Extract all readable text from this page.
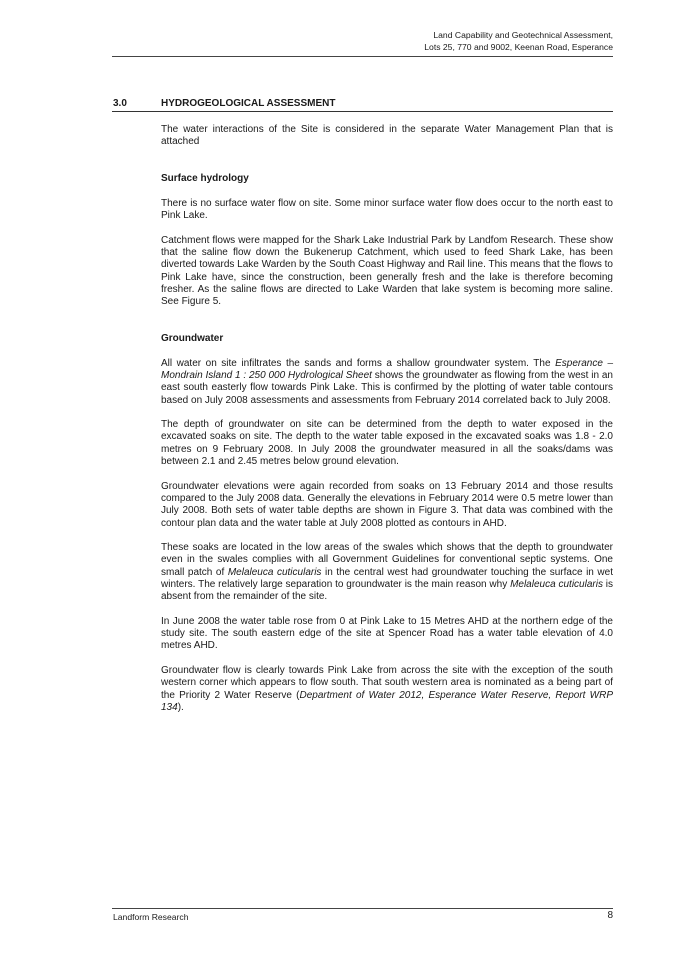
Land Capability and Geotechnical Assessment,
Lots 25, 770 and 9002, Keenan Road, Esperance
3.0	HYDROGEOLOGICAL ASSESSMENT

The water interactions of the Site is considered in the separate Water Management Plan that is attached

Surface hydrology

There is no surface water flow on site. Some minor surface water flow does occur to the north east to Pink Lake.

Catchment flows were mapped for the Shark Lake Industrial Park by Landfom Research. These show that the saline flow down the Bukenerup Catchment, which used to feed Shark Lake, has been diverted towards Lake Warden by the South Coast Highway and Rail line. This means that the flows to Pink Lake have, since the construction, been generally fresh and the lake is therefore becoming fresher. As the saline flows are directed to Lake Warden that lake system is becoming more saline. See Figure 5.

Groundwater

All water on site infiltrates the sands and forms a shallow groundwater system. The Esperance – Mondrain Island 1 : 250 000 Hydrological Sheet shows the groundwater as flowing from the west in an east south easterly flow towards Pink Lake. This is confirmed by the plotting of water table contours based on July 2008 assessments and assessments from February 2014 correlated back to July 2008.

The depth of groundwater on site can be determined from the depth to water exposed in the excavated soaks on site. The depth to the water table exposed in the excavated soaks was 1.8 - 2.0 metres on 9 February 2008. In July 2008 the groundwater measured in all the soaks/dams was between 2.1 and 2.45 metres below ground elevation.

Groundwater elevations were again recorded from soaks on 13 February 2014 and those results compared to the July 2008 data. Generally the elevations in February 2014 were 0.5 metre lower than July 2008. Both sets of water table depths are shown in Figure 3. That data was combined with the contour plan data and the water table at July 2008 plotted as contours in AHD.

These soaks are located in the low areas of the swales which shows that the depth to groundwater even in the swales complies with all Government Guidelines for conventional septic systems. One small patch of Melaleuca cuticularis in the central west had groundwater touching the surface in wet winters. The relatively large separation to groundwater is the main reason why Melaleuca cuticularis is absent from the remainder of the site.

In June 2008 the water table rose from 0 at Pink Lake to 15 Metres AHD at the northern edge of the study site. The south eastern edge of the site at Spencer Road has a water table elevation of 4.0 metres AHD.

Groundwater flow is clearly towards Pink Lake from across the site with the exception of the south western corner which appears to flow south. That south western area is nominated as a being part of the Priority 2 Water Reserve (Department of Water 2012, Esperance Water Reserve, Report WRP 134).

Landform Research	8
